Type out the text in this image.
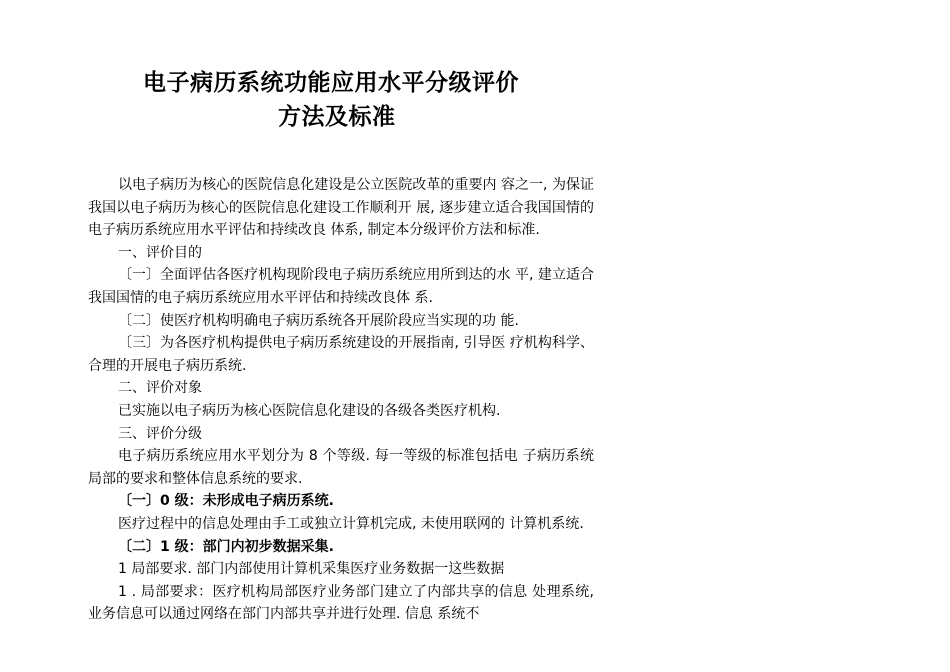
电子病历系统功能应用水平分级评价
方法及标准

以电子病历为核心的医院信息化建设是公立医院改革的重要内 容之一, 为保证我国以电子病历为核心的医院信息化建设工作顺利开 展, 逐步建立适合我国国情的电子病历系统应用水平评估和持续改良 体系, 制定本分级评价方法和标准.

一、评价目的

〔一〕全面评估各医疗机构现阶段电子病历系统应用所到达的水 平, 建立适合我国国情的电子病历系统应用水平评估和持续改良体 系.

〔二〕使医疗机构明确电子病历系统各开展阶段应当实现的功 能.

〔三〕为各医疗机构提供电子病历系统建设的开展指南, 引导医 疗机构科学、合理的开展电子病历系统.

二、评价对象

已实施以电子病历为核心医院信息化建设的各级各类医疗机构.

三、评价分级

电子病历系统应用水平划分为 8 个等级. 每一等级的标准包括电 子病历系统局部的要求和整体信息系统的要求.

〔一〕0 级：未形成电子病历系统.

医疗过程中的信息处理由手工或独立计算机完成, 未使用联网的 计算机系统.

〔二〕1 级：部门内初步数据采集.

1 局部要求. 部门内部使用计算机采集医疗业务数据一这些数据

1 . 局部要求：医疗机构局部医疗业务部门建立了内部共享的信息 处理系统, 业务信息可以通过网络在部门内部共享并进行处理. 信息 系统不
